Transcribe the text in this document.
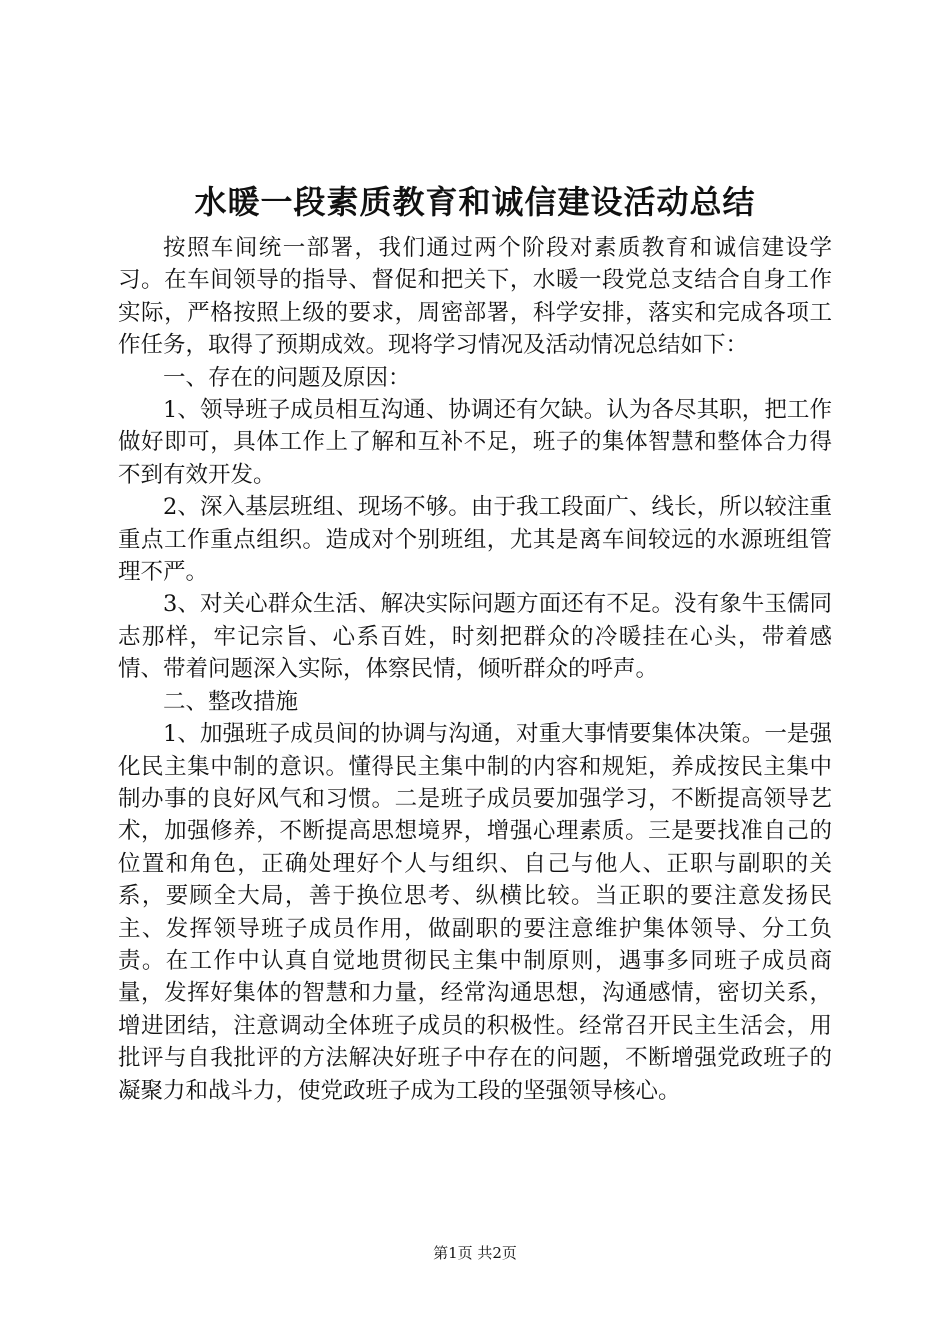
水暖一段素质教育和诚信建设活动总结

按照车间统一部署，我们通过两个阶段对素质教育和诚信建设学习。在车间领导的指导、督促和把关下，水暖一段党总支结合自身工作实际，严格按照上级的要求，周密部署，科学安排，落实和完成各项工作任务，取得了预期成效。现将学习情况及活动情况总结如下：

一、存在的问题及原因：

1、领导班子成员相互沟通、协调还有欠缺。认为各尽其职，把工作做好即可，具体工作上了解和互补不足，班子的集体智慧和整体合力得不到有效开发。

2、深入基层班组、现场不够。由于我工段面广、线长，所以较注重重点工作重点组织。造成对个别班组，尤其是离车间较远的水源班组管理不严。

3、对关心群众生活、解决实际问题方面还有不足。没有象牛玉儒同志那样，牢记宗旨、心系百姓，时刻把群众的冷暖挂在心头，带着感情、带着问题深入实际，体察民情，倾听群众的呼声。

二、整改措施

1、加强班子成员间的协调与沟通，对重大事情要集体决策。一是强化民主集中制的意识。懂得民主集中制的内容和规矩，养成按民主集中制办事的良好风气和习惯。二是班子成员要加强学习，不断提高领导艺术，加强修养，不断提高思想境界，增强心理素质。三是要找准自己的位置和角色，正确处理好个人与组织、自己与他人、正职与副职的关系，要顾全大局，善于换位思考、纵横比较。当正职的要注意发扬民主、发挥领导班子成员作用，做副职的要注意维护集体领导、分工负责。在工作中认真自觉地贯彻民主集中制原则，遇事多同班子成员商量，发挥好集体的智慧和力量，经常沟通思想，沟通感情，密切关系，增进团结，注意调动全体班子成员的积极性。经常召开民主生活会，用批评与自我批评的方法解决好班子中存在的问题，不断增强党政班子的凝聚力和战斗力，使党政班子成为工段的坚强领导核心。

第1页 共2页
